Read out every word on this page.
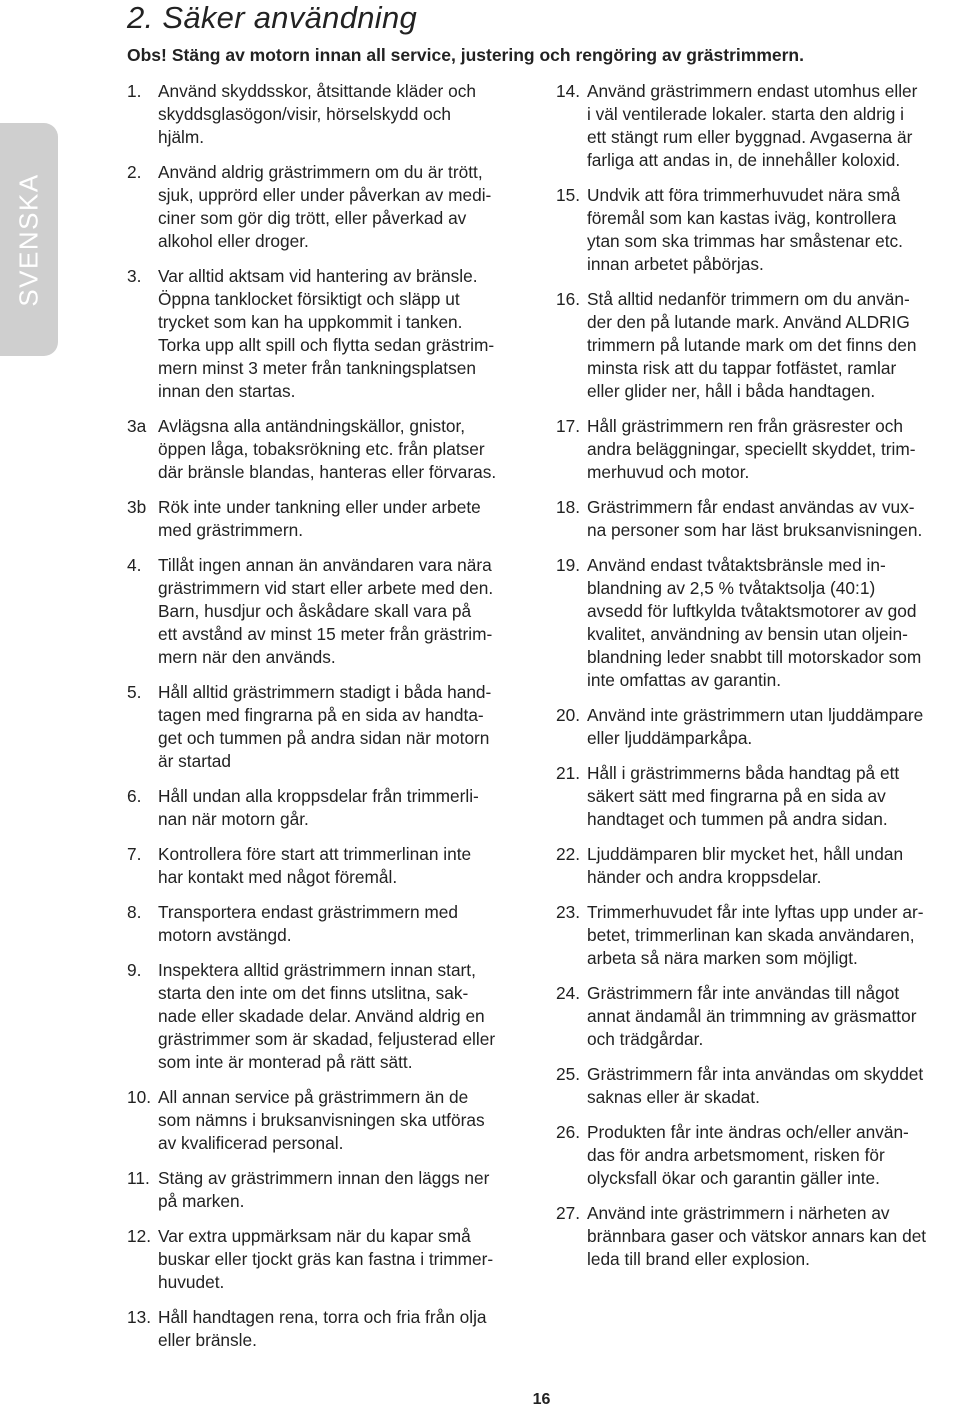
2. Säker användning

Obs! Stäng av motorn innan all service, justering och rengöring av grästrimmern.

SVENSKA
1. Använd skyddsskor, åtsittande kläder och
skyddsglasögon/visir, hörselskydd och
hjälm.
2. Använd aldrig grästrimmern om du är trött,
sjuk, upprörd eller under påverkan av medi-
ciner som gör dig trött, eller påverkad av
alkohol eller droger.
3. Var alltid aktsam vid hantering av bränsle.
Öppna tanklocket försiktigt och släpp ut
trycket som kan ha uppkommit i tanken.
Torka upp allt spill och flytta sedan grästrim-
mern minst 3 meter från tankningsplatsen
innan den startas.
3a Avlägsna alla antändningskällor, gnistor,
öppen låga, tobaksrökning etc. från platser
där bränsle blandas, hanteras eller förvaras.
3b Rök inte under tankning eller under arbete
med grästrimmern.
4. Tillåt ingen annan än användaren vara nära
grästrimmern vid start eller arbete med den.
Barn, husdjur och åskådare skall vara på
ett avstånd av minst 15 meter från grästrim-
mern när den används.
5. Håll alltid grästrimmern stadigt i båda hand-
tagen med fingrarna på en sida av handta-
get och tummen på andra sidan när motorn
är startad
6. Håll undan alla kroppsdelar från trimmerli-
nan när motorn går.
7. Kontrollera före start att trimmerlinan inte
har kontakt med något föremål.
8. Transportera endast grästrimmern med
motorn avstängd.
9. Inspektera alltid grästrimmern innan start,
starta den inte om det finns utslitna, sak-
nade eller skadade delar. Använd aldrig en
grästrimmer som är skadad, feljusterad eller
som inte är monterad på rätt sätt.
10. All annan service på grästrimmern än de
som nämns i bruksanvisningen ska utföras
av kvalificerad personal.
11. Stäng av grästrimmern innan den läggs ner
på marken.
12. Var extra uppmärksam när du kapar små
buskar eller tjockt gräs kan fastna i trimmer-
huvudet.
13. Håll handtagen rena, torra och fria från olja
eller bränsle.
14. Använd grästrimmern endast utomhus eller
i väl ventilerade lokaler. starta den aldrig i
ett stängt rum eller byggnad. Avgaserna är
farliga att andas in, de innehåller koloxid.
15. Undvik att föra trimmerhuvudet nära små
föremål som kan kastas iväg, kontrollera
ytan som ska trimmas har småstenar etc.
innan arbetet påbörjas.
16. Stå alltid nedanför trimmern om du använ-
der den på lutande mark. Använd ALDRIG
trimmern på lutande mark om det finns den
minsta risk att du tappar fotfästet, ramlar
eller glider ner, håll i båda handtagen.
17. Håll grästrimmern ren från gräsrester och
andra beläggningar, speciellt skyddet, trim-
merhuvud och motor.
18. Grästrimmern får endast användas av vux-
na personer som har läst bruksanvisningen.
19. Använd endast tvåtaktsbränsle med in-
blandning av 2,5 % tvåtaktsolja (40:1)
avsedd för luftkylda tvåtaktsmotorer av god
kvalitet, användning av bensin utan oljein-
blandning leder snabbt till motorskador som
inte omfattas av garantin.
20. Använd inte grästrimmern utan ljuddämpare
eller ljuddämparkåpa.
21. Håll i grästrimmerns båda handtag på ett
säkert sätt med fingrarna på en sida av
handtaget och tummen på andra sidan.
22. Ljuddämparen blir mycket het, håll undan
händer och andra kroppsdelar.
23. Trimmerhuvudet får inte lyftas upp under ar-
betet, trimmerlinan kan skada användaren,
arbeta så nära marken som möjligt.
24. Grästrimmern får inte användas till något
annat ändamål än trimmning av gräsmattor
och trädgårdar.
25. Grästrimmern får inta användas om skyddet
saknas eller är skadat.
26. Produkten får inte ändras och/eller använ-
das för andra arbetsmoment, risken för
olycksfall ökar och garantin gäller inte.
27. Använd inte grästrimmern i närheten av
brännbara gaser och vätskor annars kan det
leda till brand eller explosion.

16
